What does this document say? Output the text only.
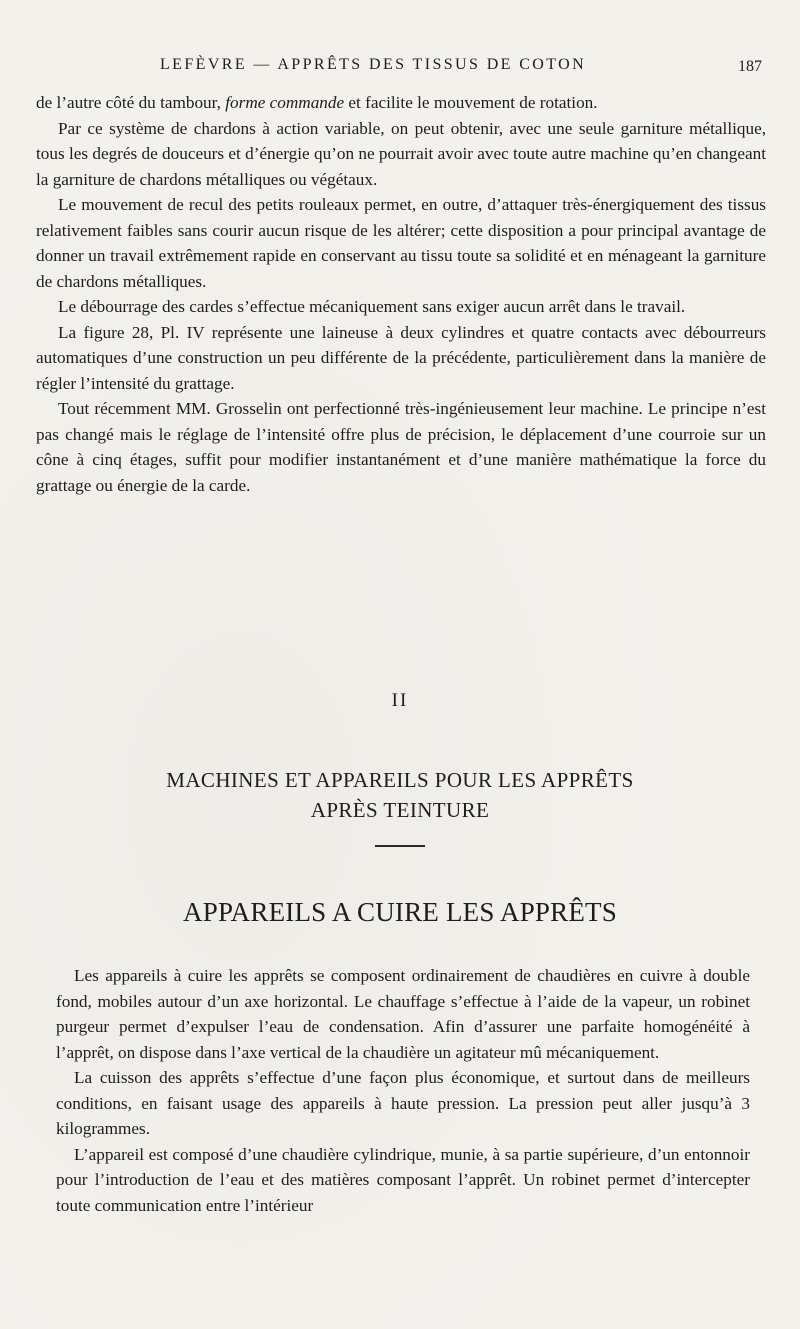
LEFÈVRE — APPRÊTS DES TISSUS DE COTON	187

de l’autre côté du tambour, forme commande et facilite le mouvement de rotation.

Par ce système de chardons à action variable, on peut obtenir, avec une seule garniture métallique, tous les degrés de douceurs et d’énergie qu’on ne pourrait avoir avec toute autre machine qu’en changeant la garniture de chardons métalliques ou végétaux.

Le mouvement de recul des petits rouleaux permet, en outre, d’attaquer très-énergiquement des tissus relativement faibles sans courir aucun risque de les altérer; cette disposition a pour principal avantage de donner un travail extrêmement rapide en conservant au tissu toute sa solidité et en ménageant la garniture de chardons métalliques.

Le débourrage des cardes s’effectue mécaniquement sans exiger aucun arrêt dans le travail.

La figure 28, Pl. IV représente une laineuse à deux cylindres et quatre contacts avec débourreurs automatiques d’une construction un peu différente de la précédente, particulièrement dans la manière de régler l’intensité du grattage.

Tout récemment MM. Grosselin ont perfectionné très-ingénieusement leur machine. Le principe n’est pas changé mais le réglage de l’intensité offre plus de précision, le déplacement d’une courroie sur un cône à cinq étages, suffit pour modifier instantanément et d’une manière mathématique la force du grattage ou énergie de la carde.

II
MACHINES ET APPAREILS POUR LES APPRÊTS
APRÈS TEINTURE
APPAREILS A CUIRE LES APPRÊTS

Les appareils à cuire les apprêts se composent ordinairement de chaudières en cuivre à double fond, mobiles autour d’un axe horizontal. Le chauffage s’effectue à l’aide de la vapeur, un robinet purgeur permet d’expulser l’eau de condensation. Afin d’assurer une parfaite homogénéité à l’apprêt, on dispose dans l’axe vertical de la chaudière un agitateur mû mécaniquement.

La cuisson des apprêts s’effectue d’une façon plus économique, et surtout dans de meilleurs conditions, en faisant usage des appareils à haute pression. La pression peut aller jusqu’à 3 kilogrammes.

L’appareil est composé d’une chaudière cylindrique, munie, à sa partie supérieure, d’un entonnoir pour l’introduction de l’eau et des matières composant l’apprêt. Un robinet permet d’intercepter toute communication entre l’intérieur
